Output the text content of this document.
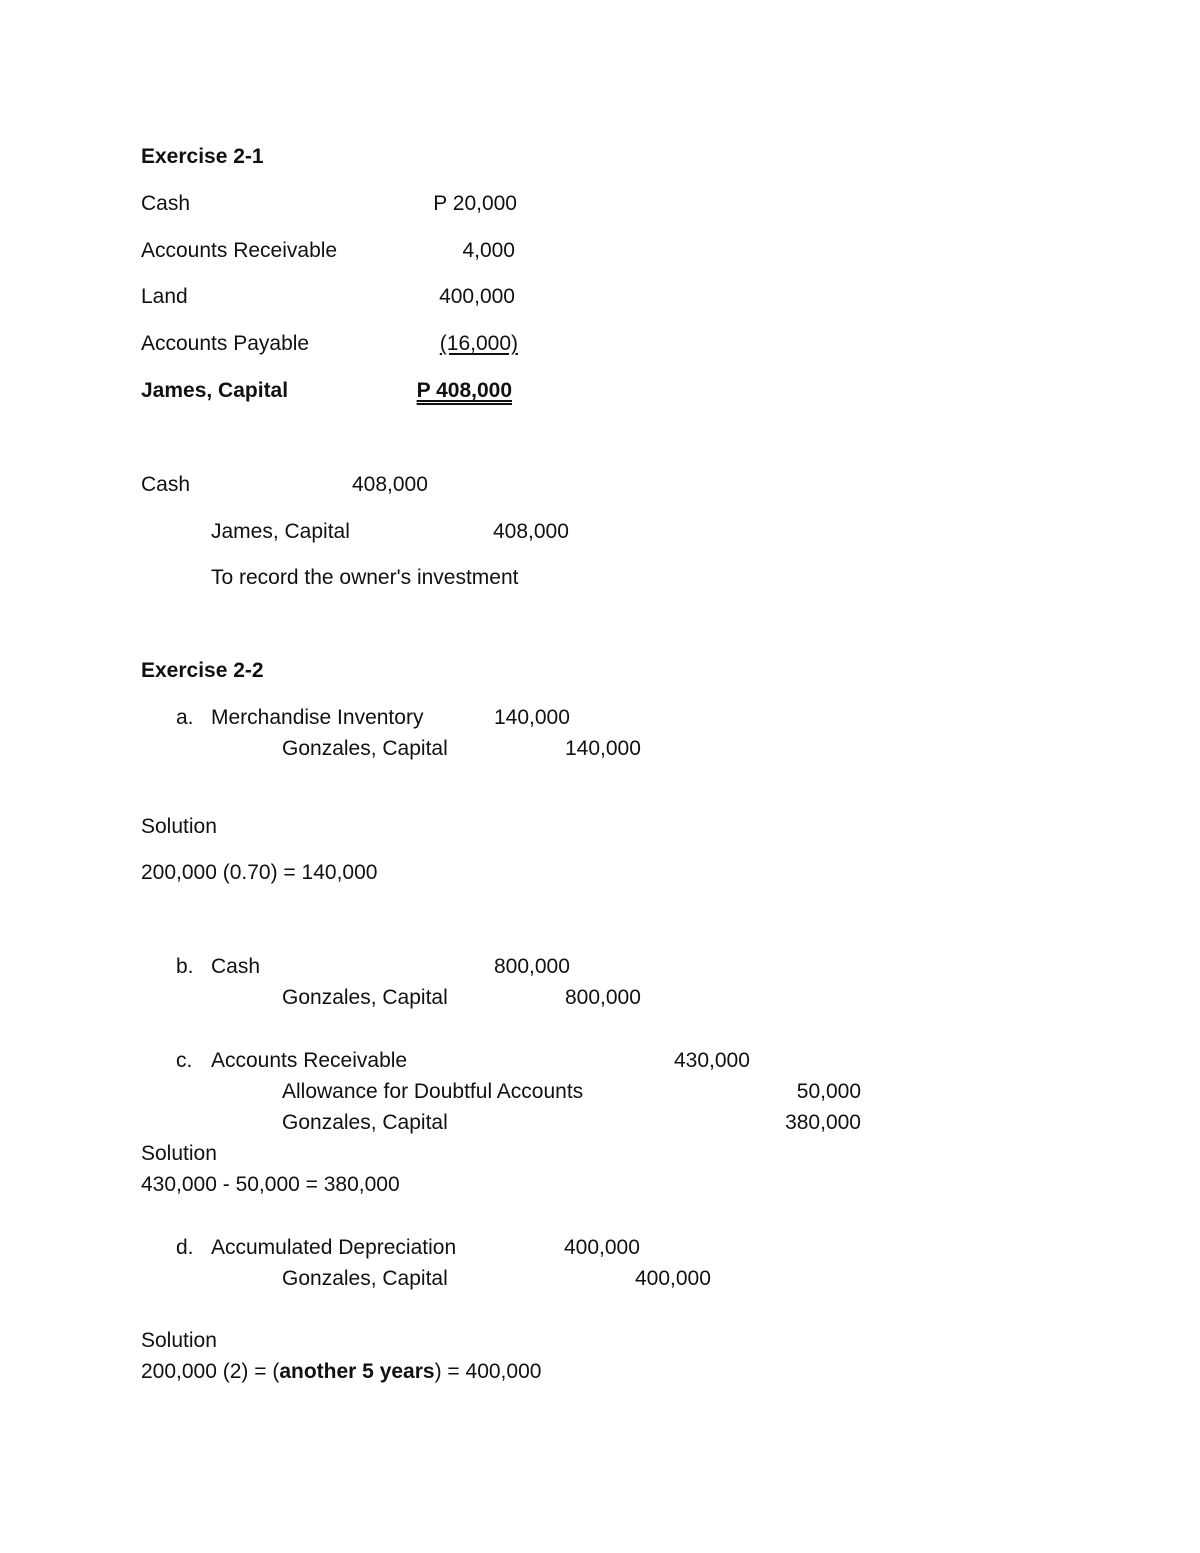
Exercise 2-1
Cash	P 20,000
Accounts Receivable	4,000
Land	400,000
Accounts Payable	(16,000)
James, Capital	P 408,000
Cash	408,000
James, Capital	408,000
To record the owner's investment
Exercise 2-2
a. Merchandise Inventory	140,000
Gonzales, Capital	140,000
Solution
200,000 (0.70) = 140,000
b. Cash	800,000
Gonzales, Capital	800,000
c. Accounts Receivable	430,000
Allowance for Doubtful Accounts	50,000
Gonzales, Capital	380,000
Solution
430,000 - 50,000 = 380,000
d. Accumulated Depreciation	400,000
Gonzales, Capital	400,000
Solution
200,000 (2) = (another 5 years) = 400,000
